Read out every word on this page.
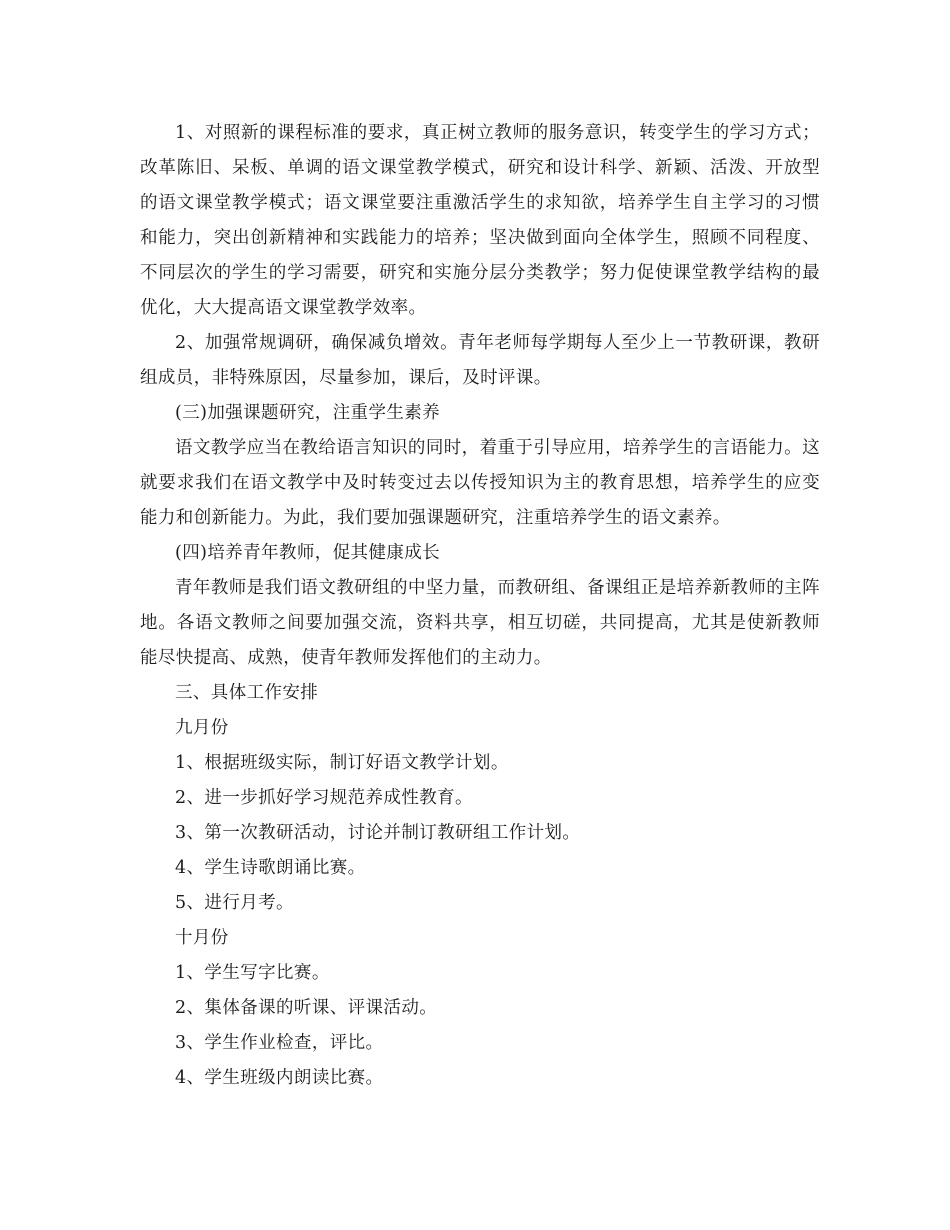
1、对照新的课程标准的要求，真正树立教师的服务意识，转变学生的学习方式；改革陈旧、呆板、单调的语文课堂教学模式，研究和设计科学、新颖、活泼、开放型的语文课堂教学模式；语文课堂要注重激活学生的求知欲，培养学生自主学习的习惯和能力，突出创新精神和实践能力的培养；坚决做到面向全体学生，照顾不同程度、不同层次的学生的学习需要，研究和实施分层分类教学；努力促使课堂教学结构的最优化，大大提高语文课堂教学效率。

2、加强常规调研，确保减负增效。青年老师每学期每人至少上一节教研课，教研组成员，非特殊原因，尽量参加，课后，及时评课。

(三)加强课题研究，注重学生素养

语文教学应当在教给语言知识的同时，着重于引导应用，培养学生的言语能力。这就要求我们在语文教学中及时转变过去以传授知识为主的教育思想，培养学生的应变能力和创新能力。为此，我们要加强课题研究，注重培养学生的语文素养。

(四)培养青年教师，促其健康成长

青年教师是我们语文教研组的中坚力量，而教研组、备课组正是培养新教师的主阵地。各语文教师之间要加强交流，资料共享，相互切磋，共同提高，尤其是使新教师能尽快提高、成熟，使青年教师发挥他们的主动力。

三、具体工作安排

九月份

1、根据班级实际，制订好语文教学计划。

2、进一步抓好学习规范养成性教育。

3、第一次教研活动，讨论并制订教研组工作计划。

4、学生诗歌朗诵比赛。

5、进行月考。

十月份

1、学生写字比赛。

2、集体备课的听课、评课活动。

3、学生作业检查，评比。

4、学生班级内朗读比赛。
